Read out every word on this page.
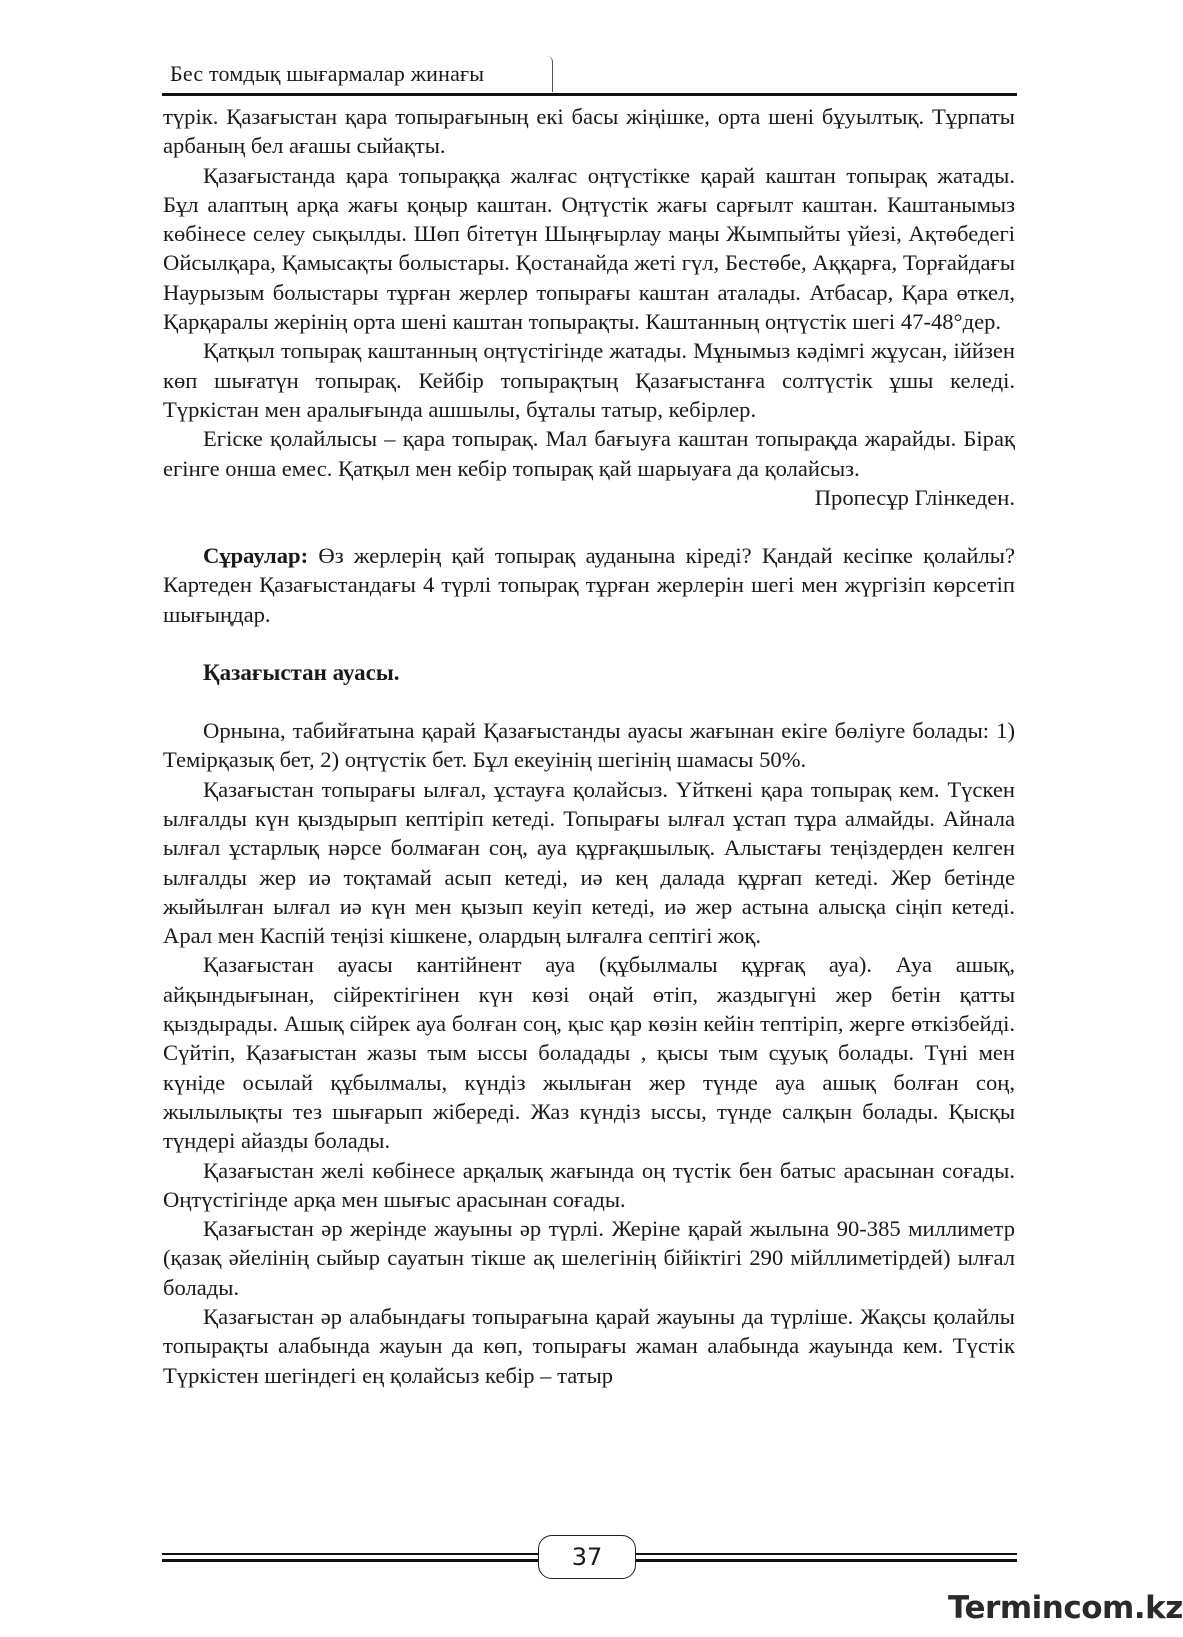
Бес томдық шығармалар жинағы

түрік. Қазағыстан қара топырағының екі басы жіңішке, орта шені бұуылтық. Тұрпаты арбаның бел ағашы сыйақты.

Қазағыстанда қара топыраққа жалғас оңтүстікке қарай каштан топырақ жатады. Бұл алаптың арқа жағы қоңыр каштан. Оңтүстік жағы сарғылт каштан. Каштанымыз көбінесе селеу сықылды. Шөп бітетүн Шыңғырлау маңы Жымпыйты үйезі, Ақтөбедегі Ойсылқара, Қамысақты болыстары. Қостанайда жеті гүл, Бестөбе, Аққарға, Торғайдағы Наурызым болыстары тұрған жерлер топырағы каштан аталады. Атбасар, Қара өткел, Қарқаралы жерінің орта шені каштан топырақты. Каштанның оңтүстік шегі 47-48°дер.

Қатқыл топырақ каштанның оңтүстігінде жатады. Мұнымыз кәдімгі жұусан, іййзен көп шығатүн топырақ. Кейбір топырақтың Қазағыстанға солтүстік ұшы келеді. Түркістан мен аралығында ашшылы, бұталы татыр, кебірлер.

Егіске қолайлысы – қара топырақ. Мал бағыуға каштан топырақда жарайды. Бірақ егінге оншa емес. Қатқыл мен кебір топырақ қай шарыуаға да қолайсыз.

Пропесұр Глінкеден.

Сұраулар: Өз жерлерің қай топырақ ауданына кіреді? Қандай кесіпке қолайлы? Картеден Қазағыстандағы 4 түрлі топырақ тұрған жерлерін шегі мен жүргізіп көрсетіп шығыңдар.

Қазағыстан ауасы.

Орнына, табийғатына қарай Қазағыстанды ауасы жағынан екіге бөліуге болады: 1) Темірқазық бет, 2) оңтүстік бет. Бұл екеуінің шегінің шамасы 50%.

Қазағыстан топырағы ылғал, ұстауға қолайсыз. Үйткені қара топырақ кем. Түскен ылғалды күн қыздырып кептіріп кетеді. Топырағы ылғал ұстап тұра алмайды. Айнала ылғал ұстарлық нәрсе болмаған соң, ауа құрғақшылық. Алыстағы теңіздерден келген ылғалды жер иә тоқтамай асып кетеді, иә кең далада құрғап кетеді. Жер бетінде жыйылған ылғал иә күн мен қызып кеуіп кетеді, иә жер астына алысқа сіңіп кетеді. Арал мен Каспій теңізі кішкене, олардың ылғалға септігі жоқ.

Қазағыстан ауасы кантійнент ауа (құбылмалы құрғақ ауа). Ауа ашық, айқындығынан, сійректігінен күн көзі оңай өтіп, жаздыгүні жер бетін қатты қыздырады. Ашық сійрек ауа болған соң, қыс қар көзін кейін тептіріп, жерге өткізбейді. Сүйтіп, Қазағыстан жазы тым ыссы боладады , қысы тым сұуық болады. Түні мен күніде осылай құбылмалы, күндіз жылыған жер түнде ауа ашық болған соң, жылылықты тез шығарып жібереді. Жаз күндіз ыссы, түнде салқын болады. Қысқы түндері айазды болады.

Қазағыстан желі көбінесе арқалық жағында оң түстік бен батыс арасынан соғады. Оңтүстігінде арқа мен шығыс арасынан соғады.

Қазағыстан әр жерінде жауыны әр түрлі. Жеріне қарай жылына 90-385 миллиметр (қазақ әйелінің сыйыр сауатын тікше ақ шелегінің бійіктігі 290 мійллиметірдей) ылғал болады.

Қазағыстан әр алабындағы топырағына қарай жауыны да түрліше. Жақсы қолайлы топырақты алабында жауын да көп, топырағы жаман алабында жауында кем. Түстік Түркістен шегіндегі ең қолайсыз кебір – татыр

37
Termincom.kz
